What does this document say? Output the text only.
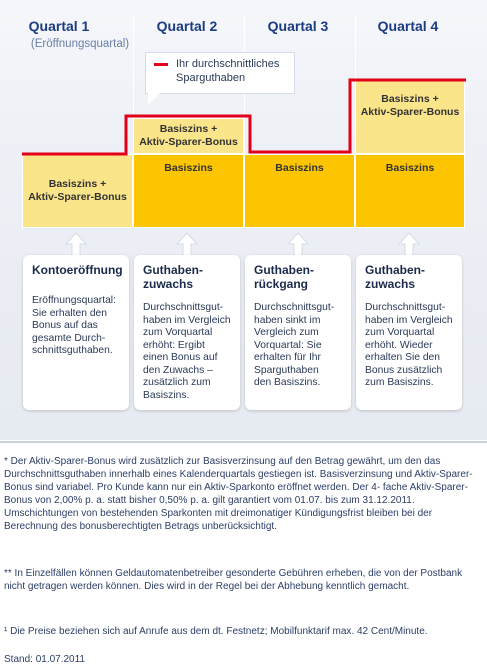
Quartal 1
(Eröffnungsquartal)
Quartal 2	Quartal 3	Quartal 4
Basiszins +
Aktiv-Sparer-Bonus
Basiszins +
Aktiv-Sparer-Bonus
Basiszins	Basiszins
Basiszins +
Aktiv-Sparer-Bonus
Basiszins
Ihr durchschnittliches
Sparguthaben
Kontoeröffnung
Eröffnungsquartal:
Sie erhalten den
Bonus auf das
gesamte Durch-
schnittsguthaben.
Guthaben-
zuwachs
Durchschnittsgut-
haben im Vergleich
zum Vorquartal
erhöht: Ergibt
einen Bonus auf
den Zuwachs –
zusätzlich zum
Basiszins.
Guthaben-
rückgang
Durchschnittsgut-
haben sinkt im
Vergleich zum
Vorquartal: Sie
erhalten für Ihr
Sparguthaben
den Basiszins.
Guthaben-
zuwachs
Durchschnittsgut-
haben im Vergleich
zum Vorquartal
erhöht. Wieder
erhalten Sie den
Bonus zusätzlich
zum Basiszins.
* Der Aktiv-Sparer-Bonus wird zusätzlich zur Basisverzinsung auf den Betrag gewährt, um den das Durchschnittsguthaben innerhalb eines Kalenderquartals gestiegen ist. Basisverzinsung und Aktiv-Sparer-Bonus sind variabel. Pro Kunde kann nur ein Aktiv-Sparkonto eröffnet werden. Der 4- fache Aktiv-Sparer-Bonus von 2,00% p. a. statt bisher 0,50% p. a. gilt garantiert vom 01.07. bis zum 31.12.2011. Umschichtungen von bestehenden Sparkonten mit dreimonatiger Kündigungsfrist bleiben bei der Berechnung des bonusberechtigten Betrags unberücksichtigt.
** In Einzelfällen können Geldautomatenbetreiber gesonderte Gebühren erheben, die von der Postbank nicht getragen werden können. Dies wird in der Regel bei der Abhebung kenntlich gemacht.
¹ Die Preise beziehen sich auf Anrufe aus dem dt. Festnetz; Mobilfunktarif max. 42 Cent/Minute.
Stand: 01.07.2011
